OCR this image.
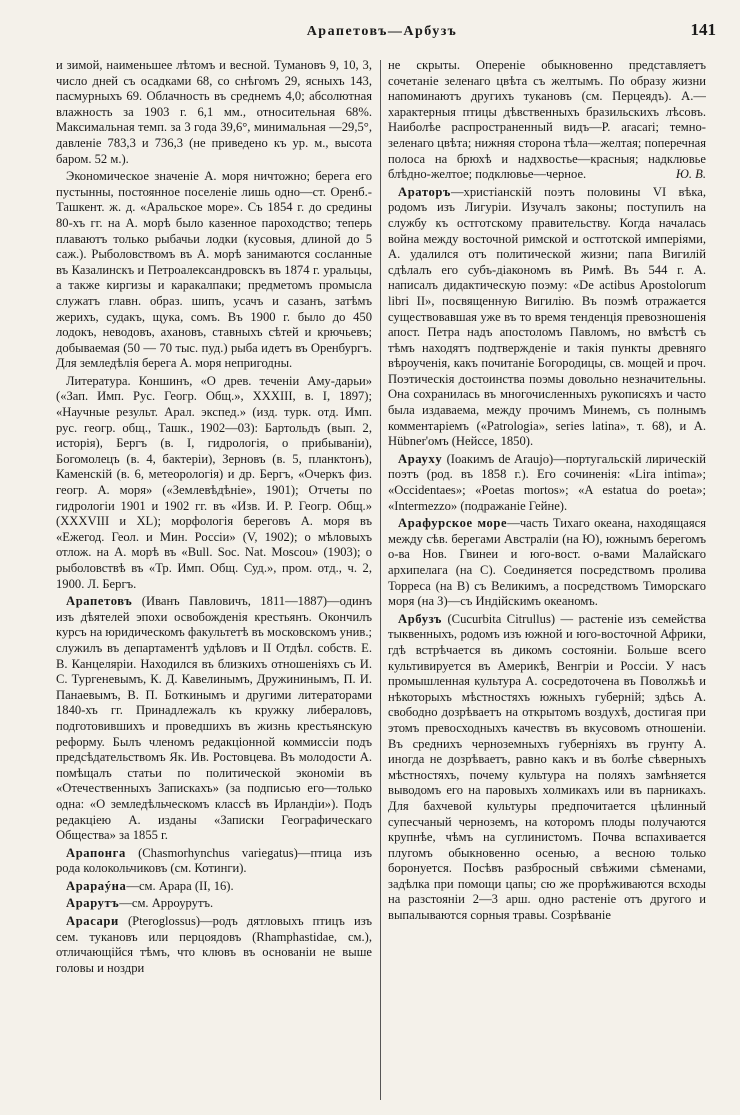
Арапетовъ—Арбузъ	141

и зимой, наименьшее лѣтомъ и весной. Тумановъ 9, 10, 3, число дней съ осадками 68, со снѣгомъ 29, ясныхъ 143, пасмурныхъ 69. Облачность въ среднемъ 4,0; абсолютная влажность за 1903 г. 6,1 мм., относительная 68%. Максимальная темп. за 3 года 39,6°, минимальная —29,5°, давленіе 783,3 и 736,3 (не приведено къ ур. м., высота баром. 52 м.).

Экономическое значеніе А. моря ничтожно; берега его пустынны, постоянное поселеніе лишь одно—ст. Оренб.-Ташкент. ж. д. «Аральское море». Съ 1854 г. до средины 80-хъ гг. на А. морѣ было казенное пароходство; теперь плаваютъ только рыбачьи лодки (кусовыя, длиной до 5 саж.). Рыболовствомъ въ А. морѣ занимаются сосланные въ Казалинскъ и Петроалександровскъ въ 1874 г. уральцы, а также киргизы и каракалпаки; предметомъ промысла служатъ главн. образ. шипъ, усачъ и сазанъ, затѣмъ жерихъ, судакъ, щука, сомъ. Въ 1900 г. было до 450 лодокъ, неводовъ, ахановъ, ставныхъ сѣтей и крючьевъ; добываемая (50 — 70 тыс. пуд.) рыба идетъ въ Оренбургъ. Для земледѣлія берега А. моря непригодны.

Литература. Коншинъ, «О древ. теченіи Аму-дарьи» («Зап. Имп. Рус. Геогр. Общ.», XXXIII, в. I, 1897); «Научные результ. Арал. экспед.» (изд. турк. отд. Имп. рус. геогр. общ., Ташк., 1902—03): Бартольдъ (вып. 2, исторія), Бергъ (в. I, гидрологія, о прибываніи), Богомолецъ (в. 4, бактеріи), Зерновъ (в. 5, планктонъ), Каменскій (в. 6, метеорологія) и др. Бергъ, «Очеркъ физ. геогр. А. моря» («Землевѣдѣніе», 1901); Отчеты по гидрологіи 1901 и 1902 гг. въ «Изв. И. Р. Геогр. Общ.» (XXXVIII и XL); морфологія береговъ А. моря въ «Ежегод. Геол. и Мин. Россіи» (V, 1902); о мѣловыхъ отлож. на А. морѣ въ «Bull. Soc. Nat. Moscou» (1903); о рыболовствѣ въ «Тр. Имп. Общ. Суд.», пром. отд., ч. 2, 1900. Л. Бергъ.

Арапетовъ (Иванъ Павловичъ, 1811—1887)—одинъ изъ дѣятелей эпохи освобожденія крестьянъ. Окончилъ курсъ на юридическомъ факультетѣ въ московскомъ унив.; служилъ въ департаментѣ удѣловъ и II Отдѣл. собств. Е. В. Канцеляріи. Находился въ близкихъ отношеніяхъ съ И. С. Тургеневымъ, К. Д. Кавелинымъ, Дружининымъ, П. И. Панаевымъ, В. П. Боткинымъ и другими литераторами 1840-хъ гг. Принадлежалъ къ кружку либераловъ, подготовившихъ и проведшихъ въ жизнь крестьянскую реформу. Былъ членомъ редакціонной коммиссіи подъ предсѣдательствомъ Як. Ив. Ростовцева. Въ молодости А. помѣщалъ статьи по политической экономіи въ «Отечественныхъ Запискахъ» (за подписью его—только одна: «О земледѣльческомъ классѣ въ Ирландіи»). Подъ редакціею А. изданы «Записки Географическаго Общества» за 1855 г.

Арапонга (Chasmorhynchus variegatus)—птица изъ рода колокольчиковъ (см. Котинги).

Арараýна—см. Арара (II, 16).

Арарутъ—см. Арроурутъ.

Арасари (Pteroglossus)—родъ дятловыхъ птицъ изъ сем. тукановъ или перцоядовъ (Rhamphastidae, см.), отличающійся тѣмъ, что клювъ въ основаніи не выше головы и ноздри

не скрыты. Опереніе обыкновенно представляетъ сочетаніе зеленаго цвѣта съ желтымъ. По образу жизни напоминаютъ другихъ тукановъ (см. Перцеядъ). А.—характерныя птицы дѣвственныхъ бразильскихъ лѣсовъ. Наиболѣе распространенный видъ—P. aracari; темно-зеленаго цвѣта; нижняя сторона тѣла—желтая; поперечная полоса на брюхѣ и надхвостье—красныя; надклювье блѣдно-желтое; подклювье—черное.	Ю. В.

Араторъ—христіанскій поэтъ половины VI вѣка, родомъ изъ Лигуріи. Изучалъ законы; поступилъ на службу къ остготскому правительству. Когда началась война между восточной римской и остготской имперіями, А. удалился отъ политической жизни; папа Вигилій сдѣлалъ его субъ-діакономъ въ Римѣ. Въ 544 г. А. написалъ дидактическую поэму: «De actibus Apostolorum libri II», посвященную Вигилію. Въ поэмѣ отражается существовавшая уже въ то время тенденція превозношенія апост. Петра надъ апостоломъ Павломъ, но вмѣстѣ съ тѣмъ находятъ подтвержденіе и такія пункты древняго вѣроученія, какъ почитаніе Богородицы, св. мощей и проч. Поэтическія достоинства поэмы довольно незначительны. Она сохранилась въ многочисленныхъ рукописяхъ и часто была издаваема, между прочимъ Минемъ, съ полнымъ комментаріемъ («Patrologia», series latina», т. 68), и А. Hübner'омъ (Нейссе, 1850).

Араухy (Іоакимъ de Araujo)—португальскій лирическій поэтъ (род. въ 1858 г.). Его сочиненія: «Lira intima»; «Occidentaes»; «Poetas mortos»; «A estatua do poeta»; «Intermezzo» (подражаніе Гейне).

Арафурское море—часть Тихаго океана, находящаяся между сѣв. берегами Австраліи (на Ю), южнымъ берегомъ о-ва Нов. Гвинеи и юго-вост. о-вами Малайскаго архипелага (на С). Соединяется посредствомъ пролива Торреса (на В) съ Великимъ, а посредствомъ Тиморскаго моря (на З)—съ Индійскимъ океаномъ.

Арбузъ (Cucurbita Citrullus) — растеніе изъ семейства тыквенныхъ, родомъ изъ южной и юго-восточной Африки, гдѣ встрѣчается въ дикомъ состояніи. Больше всего культивируется въ Америкѣ, Венгріи и Россіи. У насъ промышленная культура А. сосредоточена въ Поволжьѣ и нѣкоторыхъ мѣстностяхъ южныхъ губерній; здѣсь А. свободно дозрѣваетъ на открытомъ воздухѣ, достигая при этомъ превосходныхъ качествъ въ вкусовомъ отношеніи. Въ среднихъ черноземныхъ губерніяхъ въ грунту А. иногда не дозрѣваетъ, равно какъ и въ болѣе сѣверныхъ мѣстностяхъ, почему культура на поляхъ замѣняется выводомъ его на паровыхъ холмикахъ или въ парникахъ. Для бахчевой культуры предпочитается цѣлинный супесчаный черноземъ, на которомъ плоды получаются крупнѣе, чѣмъ на суглинистомъ. Почва вспахивается плугомъ обыкновенно осенью, а весною только боронуется. Посѣвъ разбросный свѣжими сѣменами, задѣлка при помощи цапы; сю же прорѣживаются всходы на разстояніи 2—3 арш. одно растеніе отъ другого и выпалываются сорныя травы. Созрѣваніе
